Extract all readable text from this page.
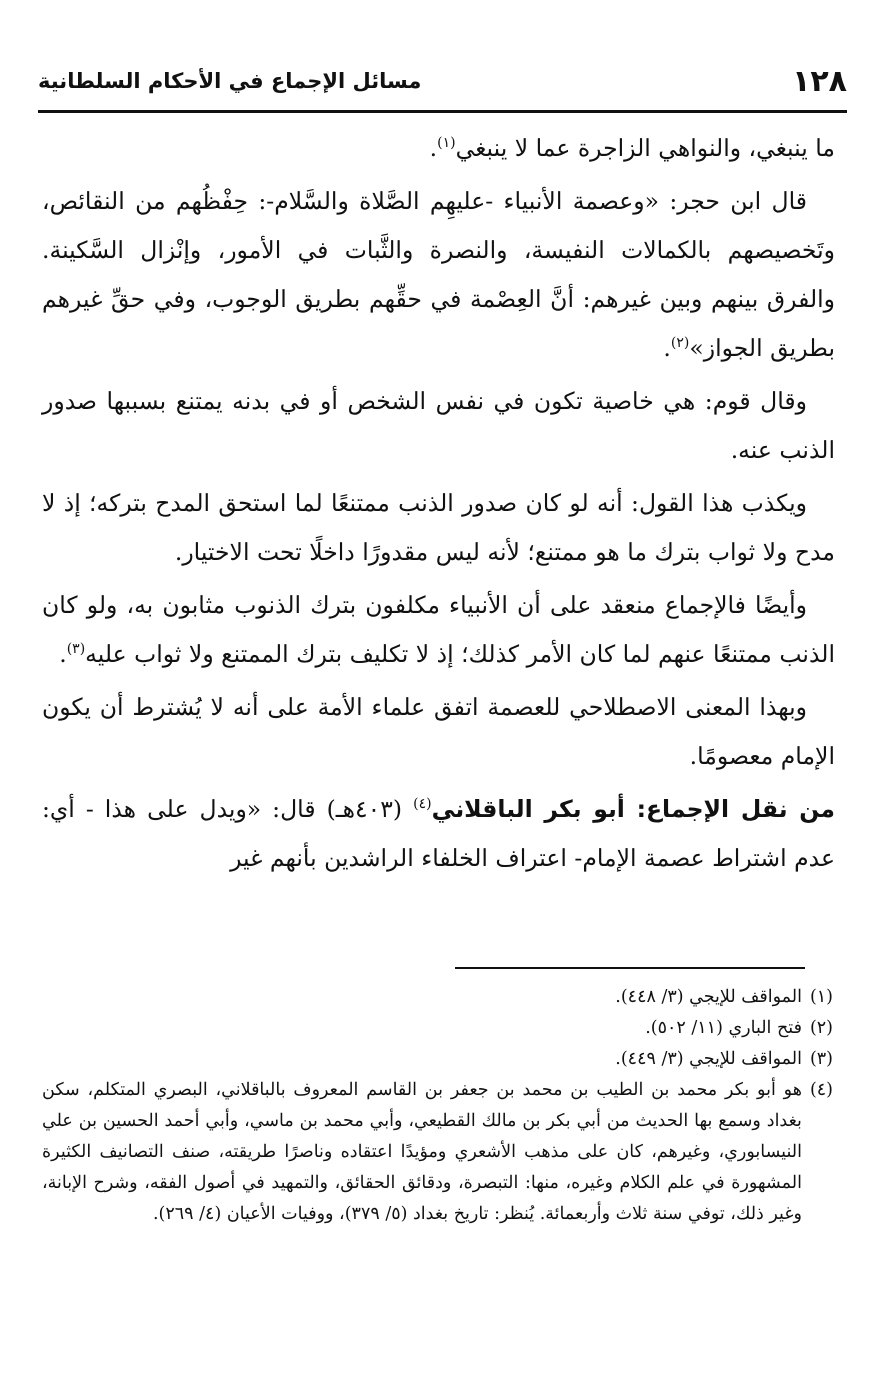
١٢٨
مسائل الإجماع في الأحكام السلطانية

ما ينبغي، والنواهي الزاجرة عما لا ينبغي$^{(١)}$.

قال ابن حجر: «وعصمة الأنبياء -عليهِم الصَّلاة والسَّلام-: حِفْظُهم من النقائص، وتَخصيصهم بالكمالات النفيسة، والنصرة والثَّبات في الأمور، وإنْزال السَّكينة. والفرق بينهم وبين غيرهم: أنَّ العِصْمة في حقِّهم بطريق الوجوب، وفي حقِّ غيرهم بطريق الجواز»$^{(٢)}$.

وقال قوم: هي خاصية تكون في نفس الشخص أو في بدنه يمتنع بسببها صدور الذنب عنه.

ويكذب هذا القول: أنه لو كان صدور الذنب ممتنعًا لما استحق المدح بتركه؛ إذ لا مدح ولا ثواب بترك ما هو ممتنع؛ لأنه ليس مقدورًا داخلًا تحت الاختيار.

وأيضًا فالإجماع منعقد على أن الأنبياء مكلفون بترك الذنوب مثابون به، ولو كان الذنب ممتنعًا عنهم لما كان الأمر كذلك؛ إذ لا تكليف بترك الممتنع ولا ثواب عليه$^{(٣)}$.

وبهذا المعنى الاصطلاحي للعصمة اتفق علماء الأمة على أنه لا يُشترط أن يكون الإمام معصومًا.

من نقل الإجماع: أبو بكر الباقلاني$^{(٤)}$ (٤٠٣هـ) قال: «ويدل على هذا - أي: عدم اشتراط عصمة الإمام- اعتراف الخلفاء الراشدين بأنهم غير

(١)
المواقف للإيجي (٣/ ٤٤٨).
(٢)
فتح الباري (١١/ ٥٠٢).
(٣)
المواقف للإيجي (٣/ ٤٤٩).
(٤)
هو أبو بكر محمد بن الطيب بن محمد بن جعفر بن القاسم المعروف بالباقلاني، البصري المتكلم، سكن بغداد وسمع بها الحديث من أبي بكر بن مالك القطيعي، وأبي محمد بن ماسي، وأبي أحمد الحسين بن علي النيسابوري، وغيرهم، كان على مذهب الأشعري ومؤيدًا اعتقاده وناصرًا طريقته، صنف التصانيف الكثيرة المشهورة في علم الكلام وغيره، منها: التبصرة، ودقائق الحقائق، والتمهيد في أصول الفقه، وشرح الإبانة، وغير ذلك، توفي سنة ثلاث وأربعمائة. يُنظر: تاريخ بغداد (٥/ ٣٧٩)، ووفيات الأعيان (٤/ ٢٦٩).
